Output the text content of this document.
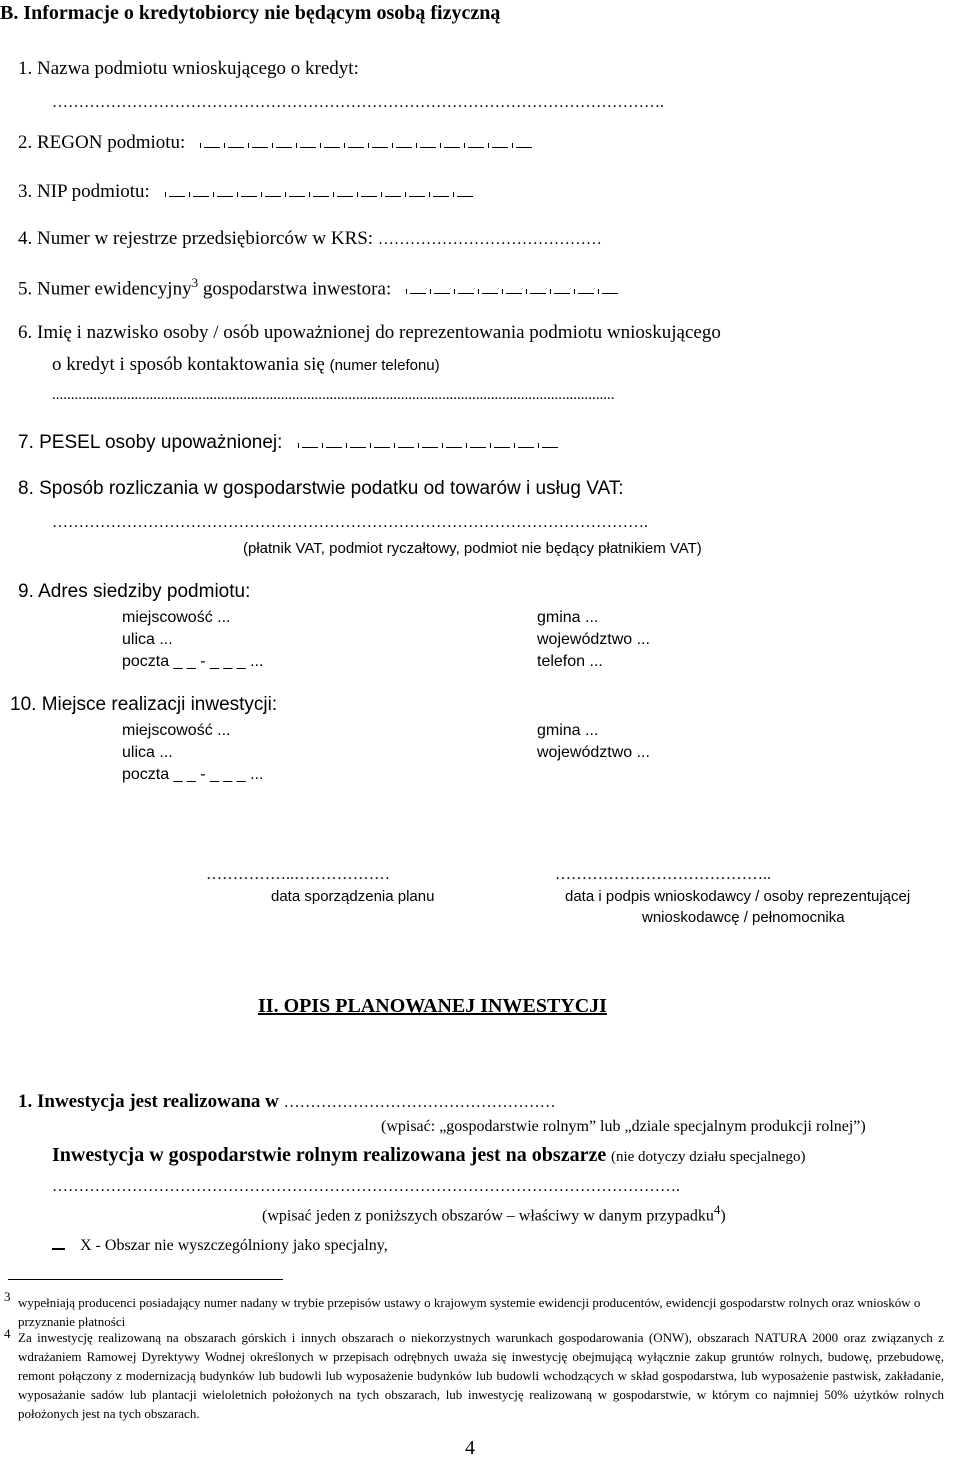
B. Informacje o kredytobiorcy nie będącym osobą fizyczną
1. Nazwa podmiotu wnioskującego o kredyt:
…………………………………………………………………………………………………….
2. REGON podmiotu:
3. NIP podmiotu:
4. Numer w rejestrze przedsiębiorców w KRS: ……………………………………
5. Numer ewidencyjny$^3$ gospodarstwa inwestora:
6. Imię i nazwisko osoby / osób upoważnionej do reprezentowania podmiotu wnioskującego
o kredyt i sposób kontaktowania się (numer telefonu)
......................................................................................................................................................
7. PESEL osoby upoważnionej:
8. Sposób rozliczania w gospodarstwie podatku od towarów i usług VAT:
………………………………………………………………………………………………….
(płatnik VAT, podmiot ryczałtowy, podmiot nie będący płatnikiem VAT)
9. Adres siedziby podmiotu:
miejscowość ...
ulica ...
poczta _ _ - _ _ _ ...
gmina ...
województwo ...
telefon ...
10. Miejsce realizacji inwestycji:
miejscowość ...
ulica ...
poczta _ _ - _ _ _ ...
gmina ...
województwo ...
……………..………………
data sporządzenia planu
…………………………………..
data i podpis wnioskodawcy / osoby reprezentującej
wnioskodawcę / pełnomocnika
II. OPIS PLANOWANEJ INWESTYCJI
1. Inwestycja jest realizowana w ……………………………………………
(wpisać: „gospodarstwie rolnym” lub „dziale specjalnym produkcji rolnej”)
Inwestycja w gospodarstwie rolnym realizowana jest na obszarze (nie dotyczy działu specjalnego)
……………………………………………………………………………………………………….
(wpisać jeden z poniższych obszarów – właściwy w danym przypadku$^4$)
X - Obszar nie wyszczególniony jako specjalny,
3 wypełniają producenci posiadający numer nadany w trybie przepisów ustawy o krajowym systemie ewidencji producentów, ewidencji gospodarstw rolnych oraz wniosków o przyznanie płatności
4 Za inwestycję realizowaną na obszarach górskich i innych obszarach o niekorzystnych warunkach gospodarowania (ONW), obszarach NATURA 2000 oraz związanych z wdrażaniem Ramowej Dyrektywy Wodnej określonych w przepisach odrębnych uważa się inwestycję obejmującą wyłącznie zakup gruntów rolnych, budowę, przebudowę, remont połączony z modernizacją budynków lub budowli lub wyposażenie budynków lub budowli wchodzących w skład gospodarstwa, lub wyposażenie pastwisk, zakładanie, wyposażanie sadów lub plantacji wieloletnich położonych na tych obszarach, lub inwestycję realizowaną w gospodarstwie, w którym co najmniej 50% użytków rolnych położonych jest na tych obszarach.
4
